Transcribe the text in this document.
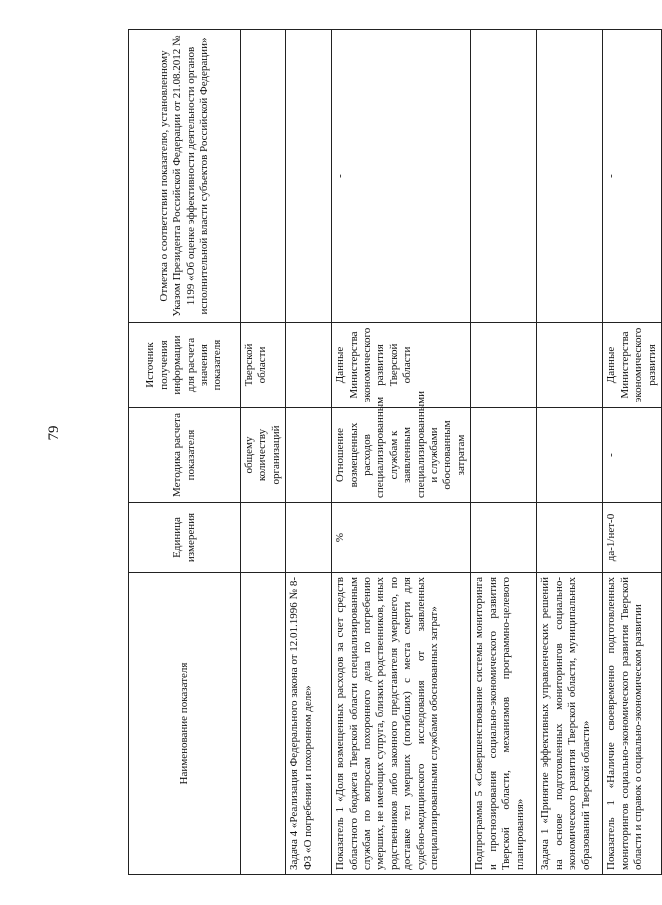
79
Наименование показателя	Единица измерения	Методика расчета показателя	Источник получения информации для расчета значения показателя	Отметка о соответствии показателю, установленному Указом Президента Российской Федерации от 21.08.2012 № 1199 «Об оценке эффективности деятельности органов исполнительной власти субъектов Российской Федерации»
		общему количеству организаций	Тверской области	
Задача 4 «Реализация Федерального закона от 12.01.1996 № 8-ФЗ «О погребении и похоронном деле»				
Показатель 1 «Доля возмещенных расходов за счет средств областного бюджета Тверской области специализированным службам по вопросам похоронного дела по погребению умерших, не имеющих супруга, близких родственников, иных родственников либо законного представителя умершего, по доставке тел умерших (погибших) с места смерти для судебно-медицинского исследования от заявленных специализированными службами обоснованных затрат»	%	Отношение возмещенных расходов специализированным службам к заявленным специализированными и службами обоснованным затратам	Данные Министерства экономического развития Тверской области	-
Подпрограмма 5 «Совершенствование системы мониторинга и прогнозирования социально-экономического развития Тверской области, механизмов программно-целевого планирования»				
Задача 1 «Принятие эффективных управленческих решений на основе подготовленных мониторингов социально-экономического развития Тверской области, муниципальных образований Тверской области»				
Показатель 1 «Наличие своевременно подготовленных мониторингов социально-экономического развития Тверской области и справок о социально-экономическом развитии	да-1/нет-0	-	Данные Министерства экономического развития	-
